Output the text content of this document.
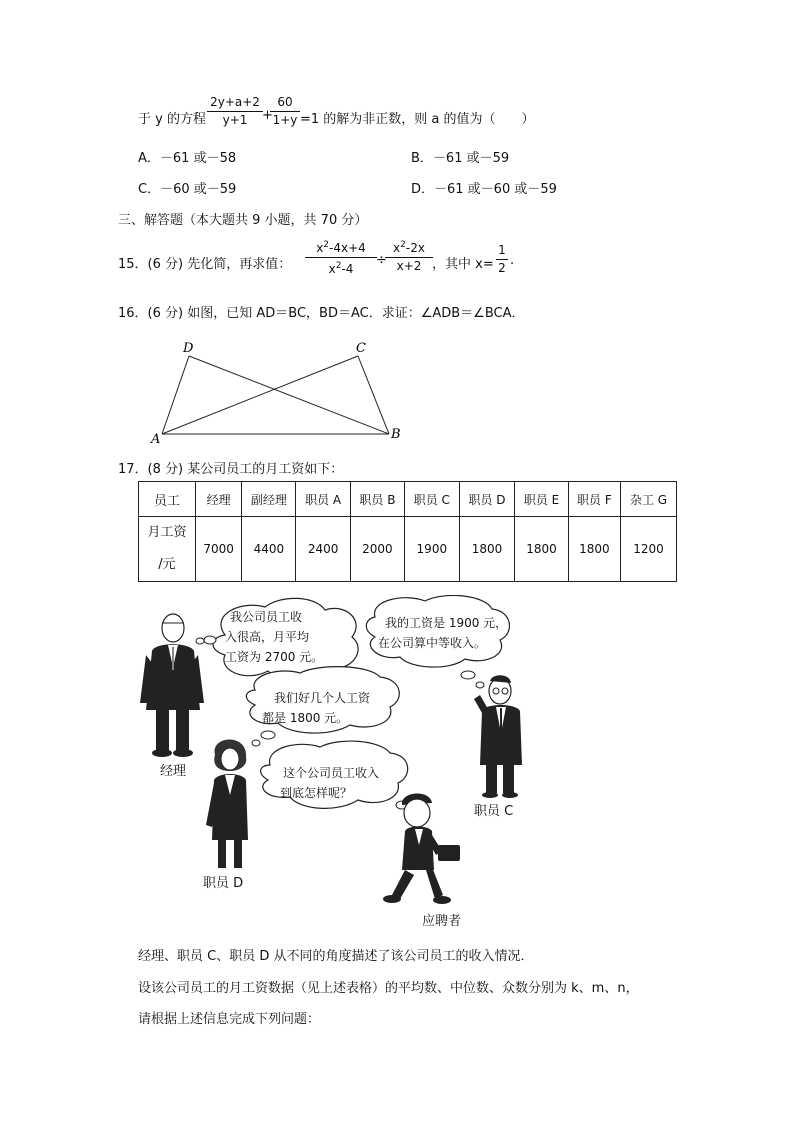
于 y 的方程
2y+a+2
y+1	+
60
1+y =1 的解为非正数，则 a 的值为（　　）
A．－61 或－58	B．－61 或－59
C．－60 或－59	D．－61 或－60 或－59
三、解答题（本大题共 9 小题，共 70 分）
15．(6 分) 先化简，再求值：
$x^2-4x+4$
$x^2-4$
÷
$x^2-2x$
x+2 ，其中 x=
1
2 .
16．(6 分) 如图，已知 AD＝BC，BD＝AC．求证：∠ADB＝∠BCA．
D	C
A	B
17．(8 分) 某公司员工的月工资如下：
员工	经理	副经理	职员 A	职员 B	职员 C	职员 D	职员 E	职员 F	杂工 G
月工资
/元	7000	4400	2400	2000	1900	1800	1800	1800	1200
我公司员工收
入很高，月平均
工资为 2700 元。
我的工资是 1900 元，
在公司算中等收入。
我们好几个人工资
都是 1800 元。
这个公司员工收入
到底怎样呢？
经理
职员 C
职员 D
应聘者
经理、职员 C、职员 D 从不同的角度描述了该公司员工的收入情况．
设该公司员工的月工资数据（见上述表格）的平均数、中位数、众数分别为 k、m、n，
请根据上述信息完成下列问题：
